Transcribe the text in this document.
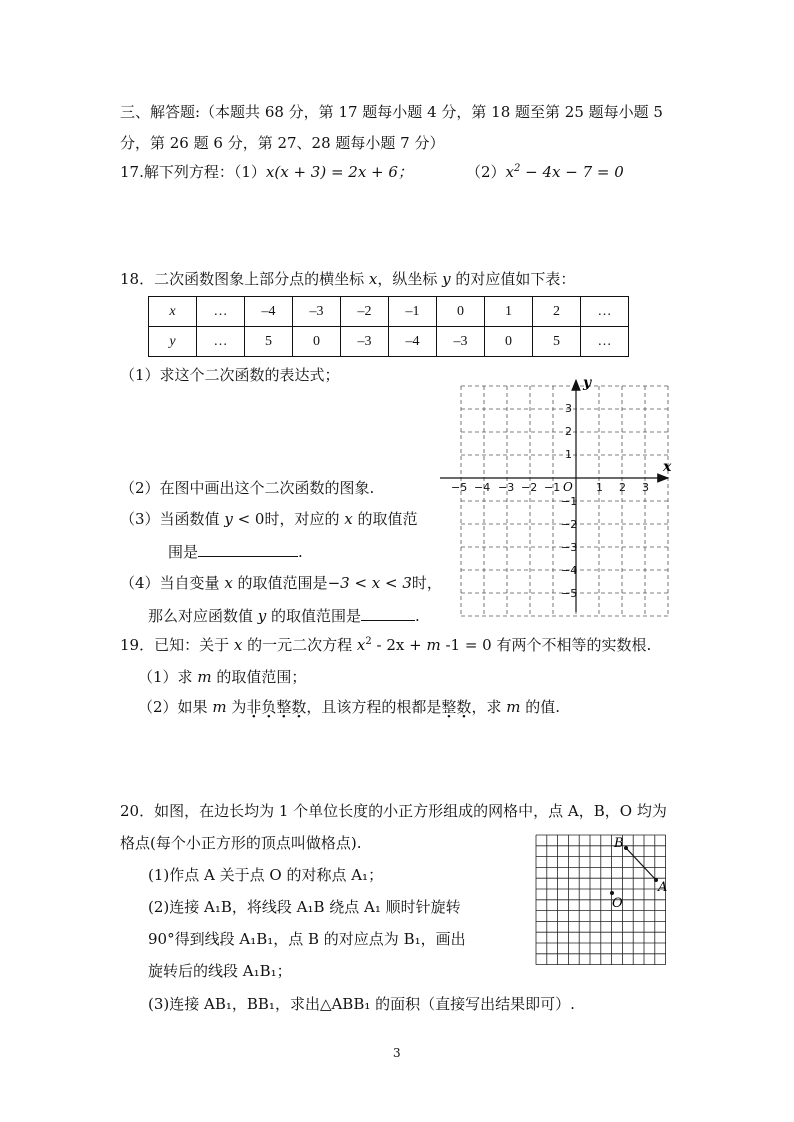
三、解答题:（本题共 68 分，第 17 题每小题 4 分，第 18 题至第 25 题每小题 5
分，第 26 题 6 分，第 27、28 题每小题 7 分）
17.解下列方程：（1）x(x + 3) = 2x + 6；	$(2)x^2 - 4x - 7 = 0$
18．二次函数图象上部分点的横坐标 x，纵坐标 y 的对应值如下表：
x	…	–4	–3	–2	–1	0	1	2	…
y	…	5	0	–3	–4	–3	0	5	…
（1）求这个二次函数的表达式；
（2）在图中画出这个二次函数的图象.
（3）当函数值 y < 0时，对应的 x 的取值范
围是	.
（4）当自变量 x 的取值范围是−3 < x < 3时，
那么对应函数值 y 的取值范围是	.
x
y
O
−5 −4 −3 −2 −1	1 2 3
3
2
1
−1
−2
−3
−4
−5
19．已知：关于 x 的一元二次方程 $x^2 - 2x + m$ -1 = 0 有两个不相等的实数根.
（1）求 m 的取值范围；
（2）如果 m 为非负整数，且该方程的根都是整数，求 m 的值.
20．如图，在边长均为 1 个单位长度的小正方形组成的网格中，点 A，B，O 均为
格点(每个小正方形的顶点叫做格点).
(1)作点 A 关于点 O 的对称点 A₁；
(2)连接 A₁B，将线段 A₁B 绕点 A₁ 顺时针旋转
90°得到线段 A₁B₁，点 B 的对应点为 B₁，画出
旋转后的线段 A₁B₁；
(3)连接 AB₁，BB₁，求出△ABB₁ 的面积（直接写出结果即可）.
B
A
O
3
